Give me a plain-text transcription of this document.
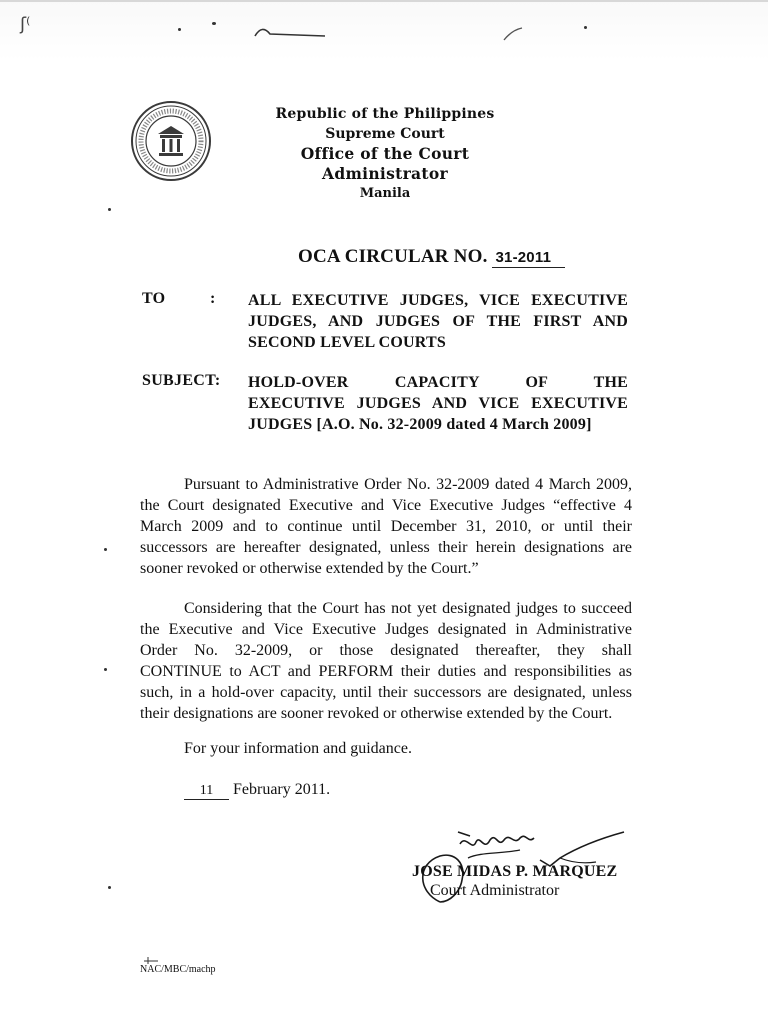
ʃ⁽
Republic of the Philippines
Supreme Court
Office of the Court Administrator
Manila
OCA CIRCULAR NO. 31-2011
TO	: ALL EXECUTIVE JUDGES, VICE EXECUTIVE
JUDGES, AND JUDGES OF THE FIRST AND
SECOND LEVEL COURTS
SUBJECT: HOLD-OVER CAPACITY OF THE
EXECUTIVE JUDGES AND VICE EXECUTIVE
JUDGES [A.O. No. 32-2009 dated 4 March 2009]
Pursuant to Administrative Order No. 32-2009 dated 4 March 2009,
the Court designated Executive and Vice Executive Judges “effective 4
March 2009 and to continue until December 31, 2010, or until their
successors are hereafter designated, unless their herein designations are
sooner revoked or otherwise extended by the Court.”
Considering that the Court has not yet designated judges to succeed
the Executive and Vice Executive Judges designated in Administrative
Order No. 32-2009, or those designated thereafter, they shall
CONTINUE to ACT and PERFORM their duties and responsibilities as
such, in a hold-over capacity, until their successors are designated, unless
their designations are sooner revoked or otherwise extended by the Court.
For your information and guidance.
11 February 2011.
JOSE MIDAS P. MARQUEZ
Court Administrator
NAC/MBC/machp
